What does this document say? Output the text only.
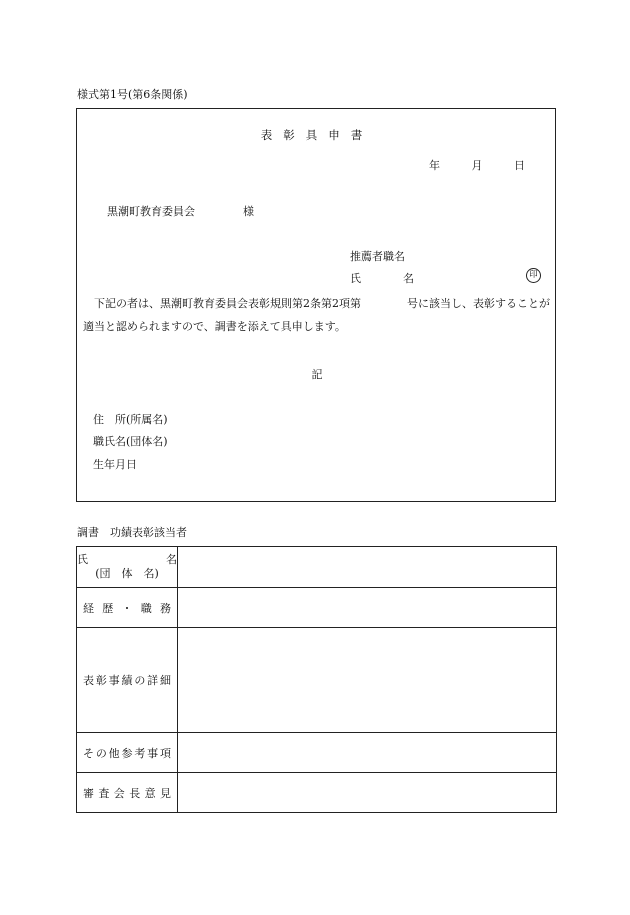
様式第1号(第6条関係)
表彰具申書
年	月	日
黒潮町教育委員会	様
推薦者職名
氏	名	印
下記の者は、黒潮町教育委員会表彰規則第2条第2項第	号に該当し、表彰することが適当と認められますので、調書を添えて具申します。
記
住　所(所属名)
職氏名(団体名)
生年月日
調書　功績表彰該当者
氏 名
(団　体　名)	

経歴・職務	

表彰事績の詳細	

その他参考事項	

審査会長意見	
